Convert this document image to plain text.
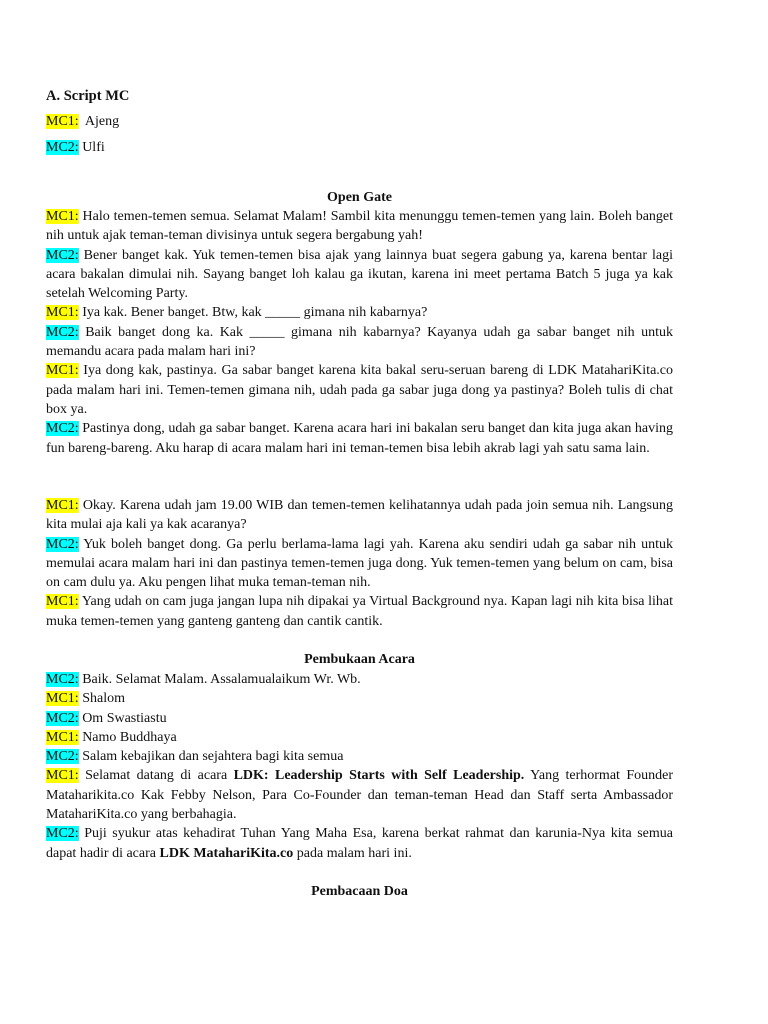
A. Script MC
MC1: Ajeng
MC2: Ulfi
Open Gate
MC1: Halo temen-temen semua. Selamat Malam! Sambil kita menunggu temen-temen yang lain. Boleh banget nih untuk ajak teman-teman divisinya untuk segera bergabung yah!
MC2: Bener banget kak. Yuk temen-temen bisa ajak yang lainnya buat segera gabung ya, karena bentar lagi acara bakalan dimulai nih. Sayang banget loh kalau ga ikutan, karena ini meet pertama Batch 5 juga ya kak setelah Welcoming Party.
MC1: Iya kak. Bener banget. Btw, kak _____ gimana nih kabarnya?
MC2: Baik banget dong ka. Kak _____ gimana nih kabarnya? Kayanya udah ga sabar banget nih untuk memandu acara pada malam hari ini?
MC1: Iya dong kak, pastinya. Ga sabar banget karena kita bakal seru-seruan bareng di LDK MatahariKita.co pada malam hari ini. Temen-temen gimana nih, udah pada ga sabar juga dong ya pastinya? Boleh tulis di chat box ya.
MC2: Pastinya dong, udah ga sabar banget. Karena acara hari ini bakalan seru banget dan kita juga akan having fun bareng-bareng. Aku harap di acara malam hari ini teman-temen bisa lebih akrab lagi yah satu sama lain.
MC1: Okay. Karena udah jam 19.00 WIB dan temen-temen kelihatannya udah pada join semua nih. Langsung kita mulai aja kali ya kak acaranya?
MC2: Yuk boleh banget dong. Ga perlu berlama-lama lagi yah. Karena aku sendiri udah ga sabar nih untuk memulai acara malam hari ini dan pastinya temen-temen juga dong. Yuk temen-temen yang belum on cam, bisa on cam dulu ya. Aku pengen lihat muka teman-teman nih.
MC1: Yang udah on cam juga jangan lupa nih dipakai ya Virtual Background nya. Kapan lagi nih kita bisa lihat muka temen-temen yang ganteng ganteng dan cantik cantik.
Pembukaan Acara
MC2: Baik. Selamat Malam. Assalamualaikum Wr. Wb.
MC1: Shalom
MC2: Om Swastiastu
MC1: Namo Buddhaya
MC2: Salam kebajikan dan sejahtera bagi kita semua
MC1: Selamat datang di acara LDK: Leadership Starts with Self Leadership. Yang terhormat Founder Mataharikita.co Kak Febby Nelson, Para Co-Founder dan teman-teman Head dan Staff serta Ambassador MatahariKita.co yang berbahagia.
MC2: Puji syukur atas kehadirat Tuhan Yang Maha Esa, karena berkat rahmat dan karunia-Nya kita semua dapat hadir di acara LDK MatahariKita.co pada malam hari ini.
Pembacaan Doa
